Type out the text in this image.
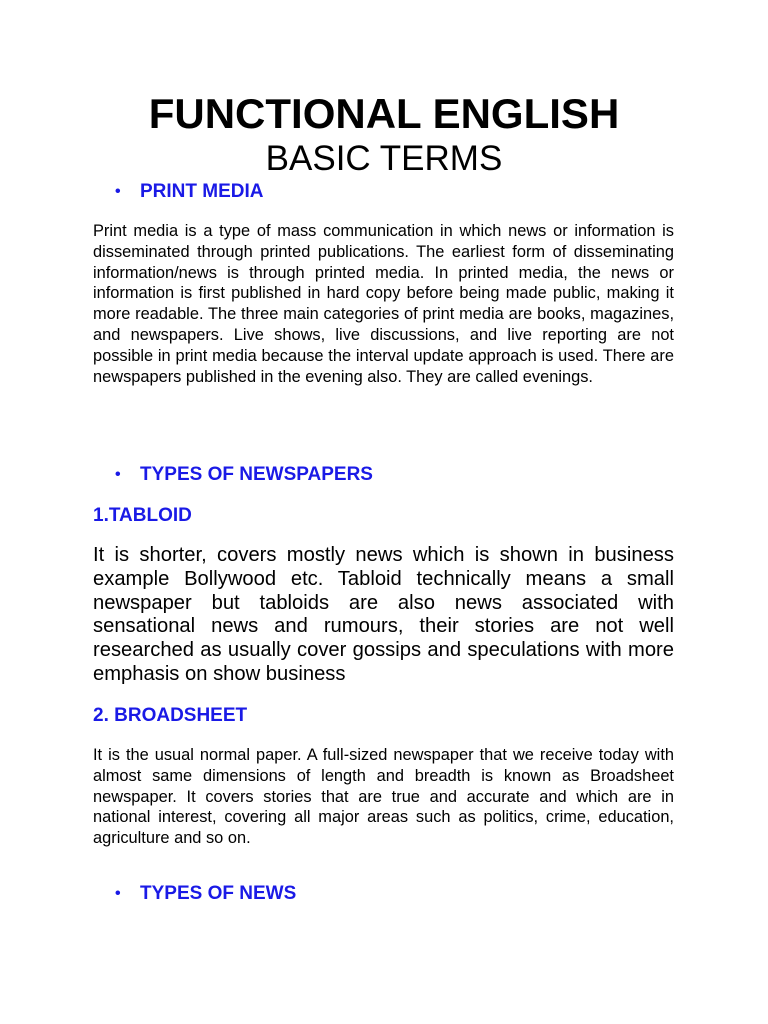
FUNCTIONAL ENGLISH
BASIC TERMS
• PRINT MEDIA

Print media is a type of mass communication in which news or information is disseminated through printed publications. The earliest form of disseminating information/news is through printed media. In printed media, the news or information is first published in hard copy before being made public, making it more readable. The three main categories of print media are books, magazines, and newspapers. Live shows, live discussions, and live reporting are not possible in print media because the interval update approach is used. There are newspapers published in the evening also. They are called evenings.

• TYPES OF NEWSPAPERS
1.TABLOID

It is shorter, covers mostly news which is shown in business example Bollywood etc. Tabloid technically means a small newspaper but tabloids are also news associated with sensational news and rumours, their stories are not well researched as usually cover gossips and speculations with more emphasis on show business

2. BROADSHEET

It is the usual normal paper. A full-sized newspaper that we receive today with almost same dimensions of length and breadth is known as Broadsheet newspaper. It covers stories that are true and accurate and which are in national interest, covering all major areas such as politics, crime, education, agriculture and so on.

• TYPES OF NEWS
